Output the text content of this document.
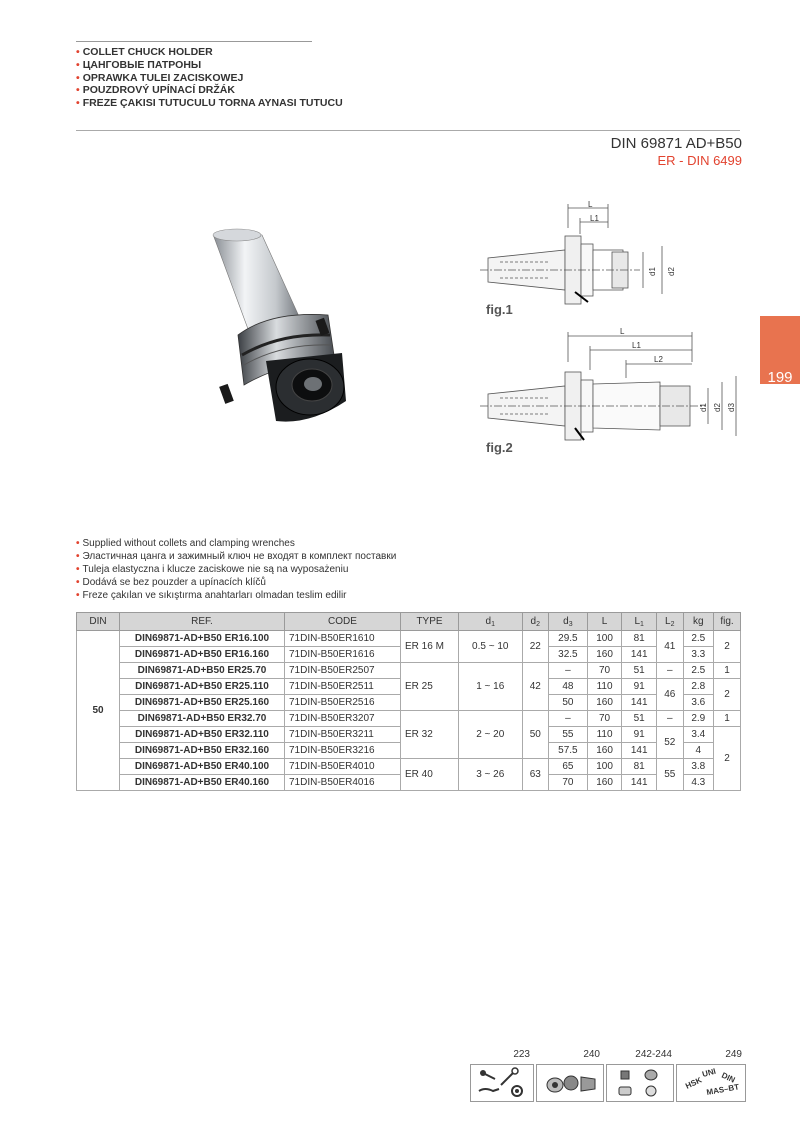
• COLLET CHUCK HOLDER
• ЦАНГОВЫЕ ПАТРОНЫ
• OPRAWKA TULEI ZACISKOWEJ
• POUZDROVÝ UPÍNACÍ DRŽÁK
• FREZE ÇAKISI TUTUCULU TORNA AYNASI TUTUCU
DIN 69871 AD+B50
ER - DIN 6499
L
L1
d1 d2
fig.1
L
L1
L2
d1 d2 d3
fig.2
199
• Supplied without collets and clamping wrenches
• Эластичная цанга и зажимный ключ не входят в комплект поставки
• Tuleja elastyczna i klucze zaciskowe nie są na wyposażeniu
• Dodává se bez pouzder a upínacích klíčů
• Freze çakılan ve sıkıştırma anahtarları olmadan teslim edilir
DIN	REF.	CODE	TYPE	$d_1$	$d_2$	$d_3$	L	$L_1$	$L_2$	kg	fig.
50	DIN69871-AD+B50 ER16.100	71DIN-B50ER1610	ER 16 M	0.5 ~ 10	22	29.5	100	81	41	2.5	2
	DIN69871-AD+B50 ER16.160	71DIN-B50ER1616				32.5	160	141		3.3	
	DIN69871-AD+B50 ER25.70	71DIN-B50ER2507	ER 25	1 ~ 16	42	–	70	51	–	2.5	1
	DIN69871-AD+B50 ER25.110	71DIN-B50ER2511				48	110	91	46	2.8	2
	DIN69871-AD+B50 ER25.160	71DIN-B50ER2516				50	160	141		3.6	
	DIN69871-AD+B50 ER32.70	71DIN-B50ER3207	ER 32	2 ~ 20	50	–	70	51	–	2.9	1
	DIN69871-AD+B50 ER32.110	71DIN-B50ER3211				55	110	91	52	3.4	2
	DIN69871-AD+B50 ER32.160	71DIN-B50ER3216				57.5	160	141		4	
	DIN69871-AD+B50 ER40.100	71DIN-B50ER4010	ER 40	3 ~ 26	63	65	100	81	55	3.8	
	DIN69871-AD+B50 ER40.160	71DIN-B50ER4016				70	160	141		4.3	
223	240	242-244	249
UNI DIN
HSK MAS–BT
